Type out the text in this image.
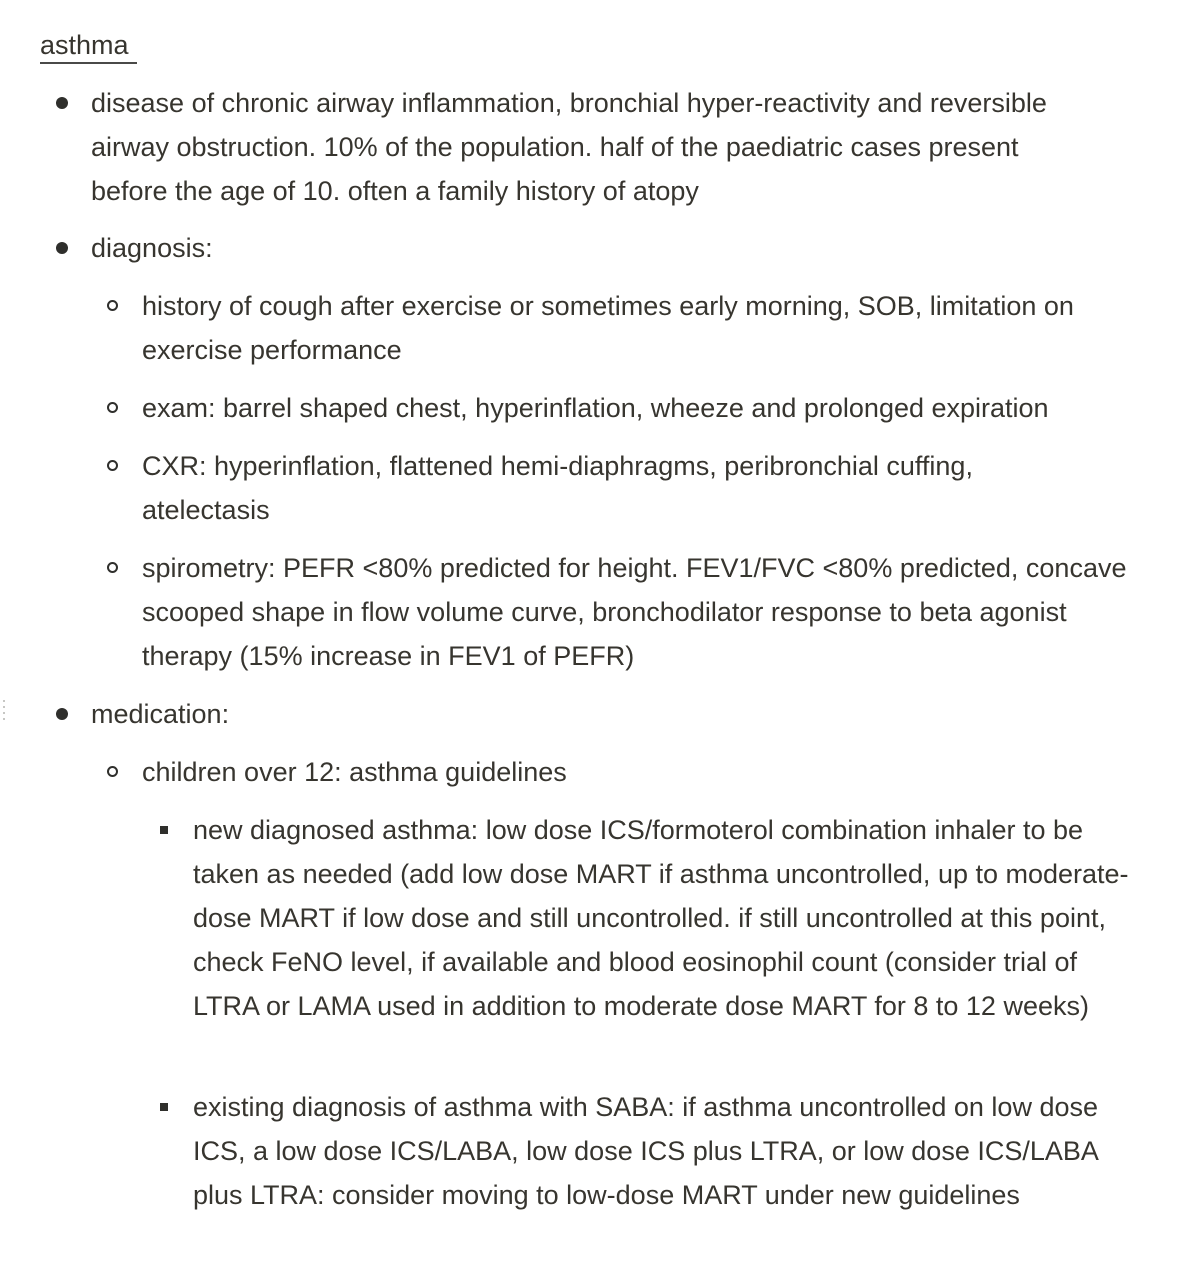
asthma
disease of chronic airway inflammation, bronchial hyper-reactivity and reversible airway obstruction. 10% of the population. half of the paediatric cases present before the age of 10. often a family history of atopy
diagnosis:
history of cough after exercise or sometimes early morning, SOB, limitation on exercise performance
exam: barrel shaped chest, hyperinflation, wheeze and prolonged expiration
CXR: hyperinflation, flattened hemi-diaphragms, peribronchial cuffing, atelectasis
spirometry: PEFR <80% predicted for height. FEV1/FVC <80% predicted, concave scooped shape in flow volume curve, bronchodilator response to beta agonist therapy (15% increase in FEV1 of PEFR)
medication:
children over 12: asthma guidelines
new diagnosed asthma: low dose ICS/formoterol combination inhaler to be taken as needed (add low dose MART if asthma uncontrolled, up to moderate-dose MART if low dose and still uncontrolled. if still uncontrolled at this point, check FeNO level, if available and blood eosinophil count (consider trial of LTRA or LAMA used in addition to moderate dose MART for 8 to 12 weeks)
existing diagnosis of asthma with SABA: if asthma uncontrolled on low dose ICS, a low dose ICS/LABA, low dose ICS plus LTRA, or low dose ICS/LABA plus LTRA: consider moving to low-dose MART under new guidelines
